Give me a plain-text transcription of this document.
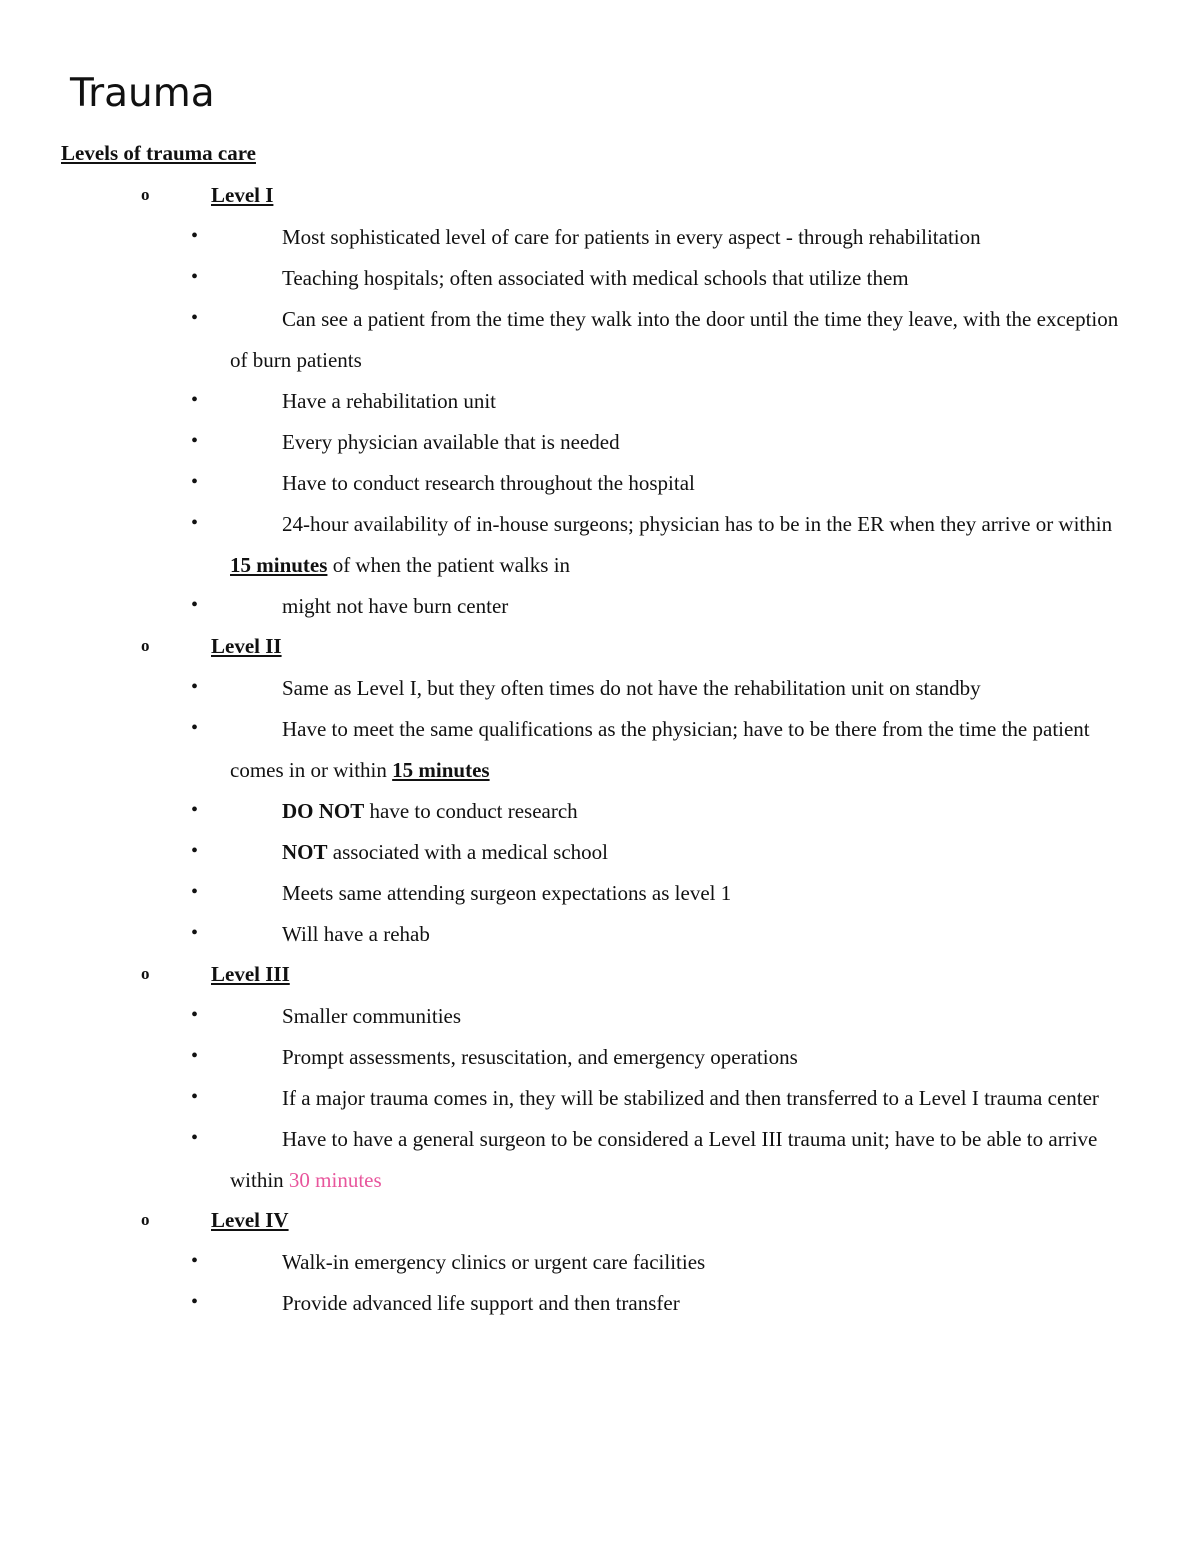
Trauma
Levels of trauma care
o	Level I
•	Most sophisticated level of care for patients in every aspect - through rehabilitation
•	Teaching hospitals; often associated with medical schools that utilize them
•	Can see a patient from the time they walk into the door until the time they leave, with the exception of burn patients
•	Have a rehabilitation unit
•	Every physician available that is needed
•	Have to conduct research throughout the hospital
•	24-hour availability of in-house surgeons; physician has to be in the ER when they arrive or within 15 minutes of when the patient walks in
•	might not have burn center
o	Level II
•	Same as Level I, but they often times do not have the rehabilitation unit on standby
•	Have to meet the same qualifications as the physician; have to be there from the time the patient comes in or within 15 minutes
•	DO NOT have to conduct research
•	NOT associated with a medical school
•	Meets same attending surgeon expectations as level 1
•	Will have a rehab
o	Level III
•	Smaller communities
•	Prompt assessments, resuscitation, and emergency operations
•	If a major trauma comes in, they will be stabilized and then transferred to a Level I trauma center
•	Have to have a general surgeon to be considered a Level III trauma unit; have to be able to arrive within 30 minutes
o	Level IV
•	Walk-in emergency clinics or urgent care facilities
•	Provide advanced life support and then transfer
